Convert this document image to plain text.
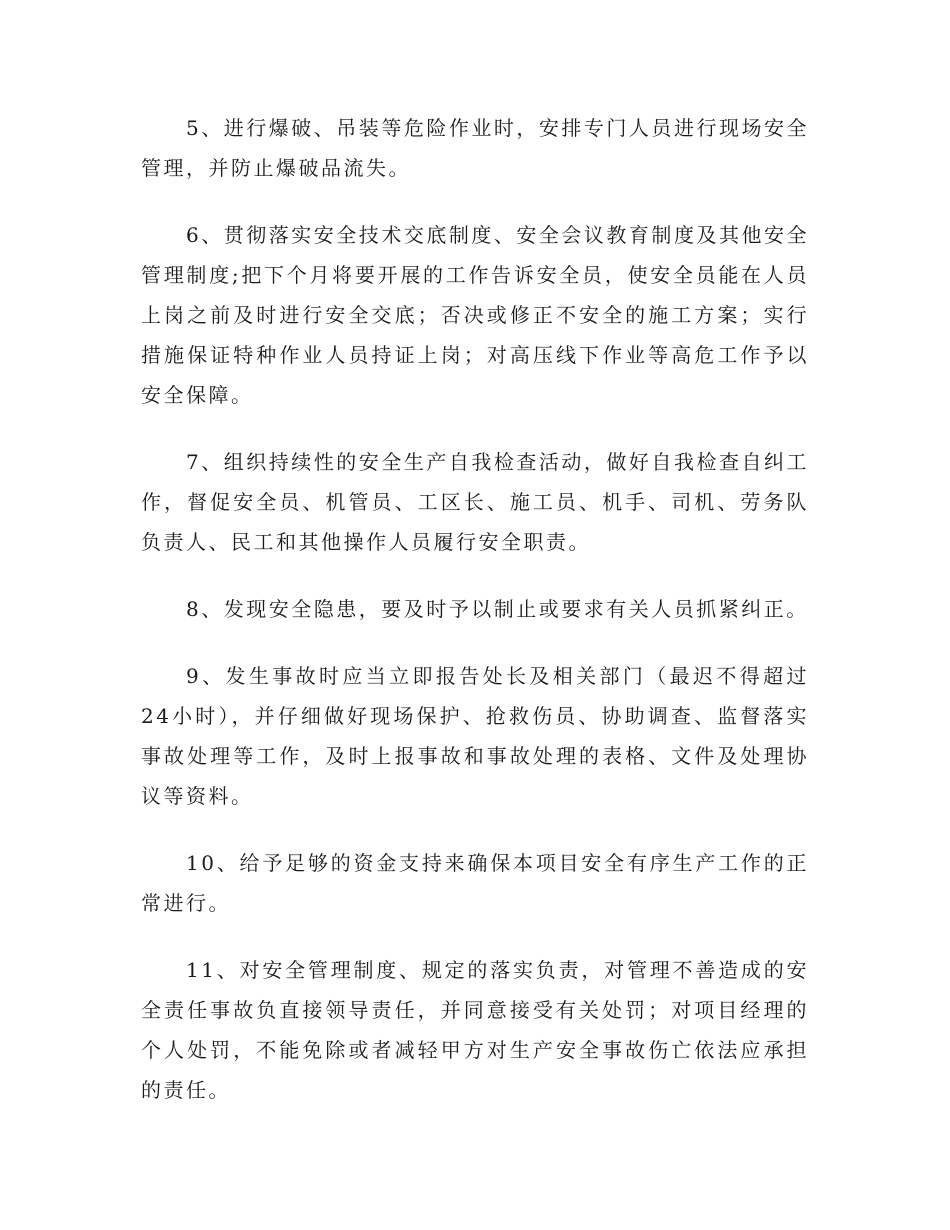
5、进行爆破、吊装等危险作业时，安排专门人员进行现场安全管理，并防止爆破品流失。

6、贯彻落实安全技术交底制度、安全会议教育制度及其他安全管理制度;把下个月将要开展的工作告诉安全员，使安全员能在人员上岗之前及时进行安全交底；否决或修正不安全的施工方案；实行措施保证特种作业人员持证上岗；对高压线下作业等高危工作予以安全保障。

7、组织持续性的安全生产自我检查活动，做好自我检查自纠工作，督促安全员、机管员、工区长、施工员、机手、司机、劳务队负责人、民工和其他操作人员履行安全职责。

8、发现安全隐患，要及时予以制止或要求有关人员抓紧纠正。

9、发生事故时应当立即报告处长及相关部门（最迟不得超过24小时），并仔细做好现场保护、抢救伤员、协助调查、监督落实事故处理等工作，及时上报事故和事故处理的表格、文件及处理协议等资料。

10、给予足够的资金支持来确保本项目安全有序生产工作的正常进行。

11、对安全管理制度、规定的落实负责，对管理不善造成的安全责任事故负直接领导责任，并同意接受有关处罚；对项目经理的个人处罚，不能免除或者减轻甲方对生产安全事故伤亡依法应承担的责任。
